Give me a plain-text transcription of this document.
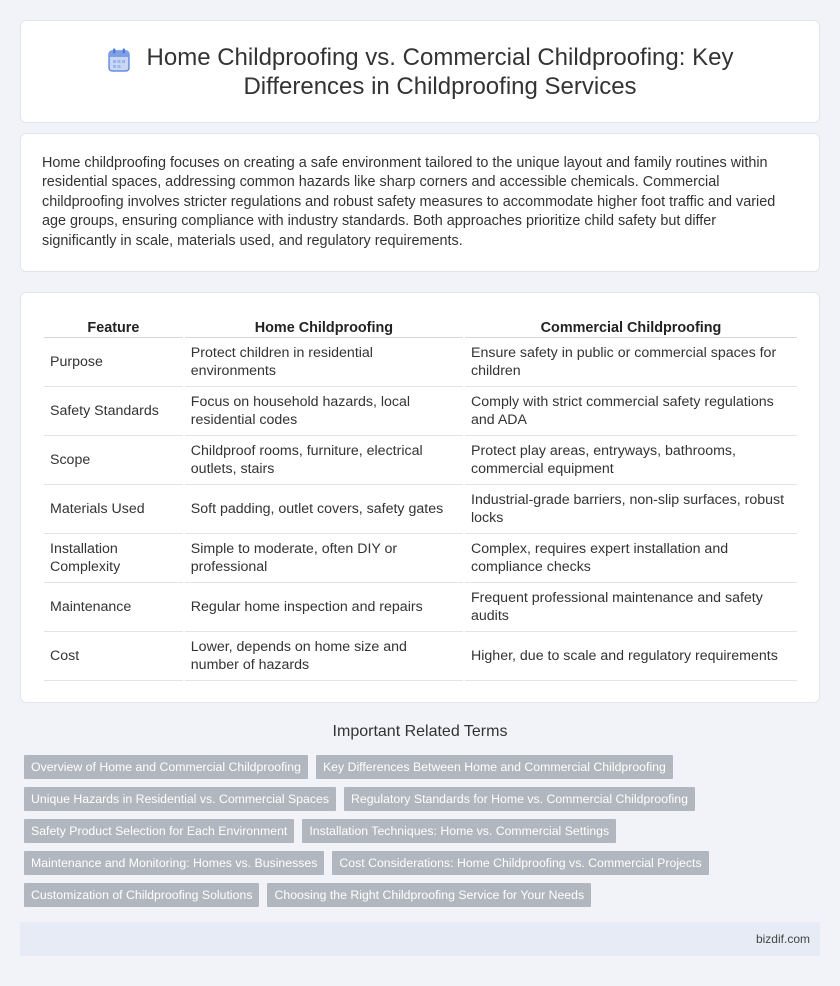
Home Childproofing vs. Commercial Childproofing: Key Differences in Childproofing Services

Home childproofing focuses on creating a safe environment tailored to the unique layout and family routines within residential spaces, addressing common hazards like sharp corners and accessible chemicals. Commercial childproofing involves stricter regulations and robust safety measures to accommodate higher foot traffic and varied age groups, ensuring compliance with industry standards. Both approaches prioritize child safety but differ significantly in scale, materials used, and regulatory requirements.

Feature	Home Childproofing	Commercial Childproofing
Purpose	Protect children in residential environments	Ensure safety in public or commercial spaces for children
Safety Standards	Focus on household hazards, local residential codes	Comply with strict commercial safety regulations and ADA
Scope	Childproof rooms, furniture, electrical outlets, stairs	Protect play areas, entryways, bathrooms, commercial equipment
Materials Used	Soft padding, outlet covers, safety gates	Industrial-grade barriers, non-slip surfaces, robust locks
Installation Complexity	Simple to moderate, often DIY or professional	Complex, requires expert installation and compliance checks
Maintenance	Regular home inspection and repairs	Frequent professional maintenance and safety audits
Cost	Lower, depends on home size and number of hazards	Higher, due to scale and regulatory requirements
Important Related Terms
Overview of Home and Commercial Childproofing	Key Differences Between Home and Commercial Childproofing
Unique Hazards in Residential vs. Commercial Spaces	Regulatory Standards for Home vs. Commercial Childproofing
Safety Product Selection for Each Environment	Installation Techniques: Home vs. Commercial Settings
Maintenance and Monitoring: Homes vs. Businesses	Cost Considerations: Home Childproofing vs. Commercial Projects
Customization of Childproofing Solutions	Choosing the Right Childproofing Service for Your Needs
bizdif.com
